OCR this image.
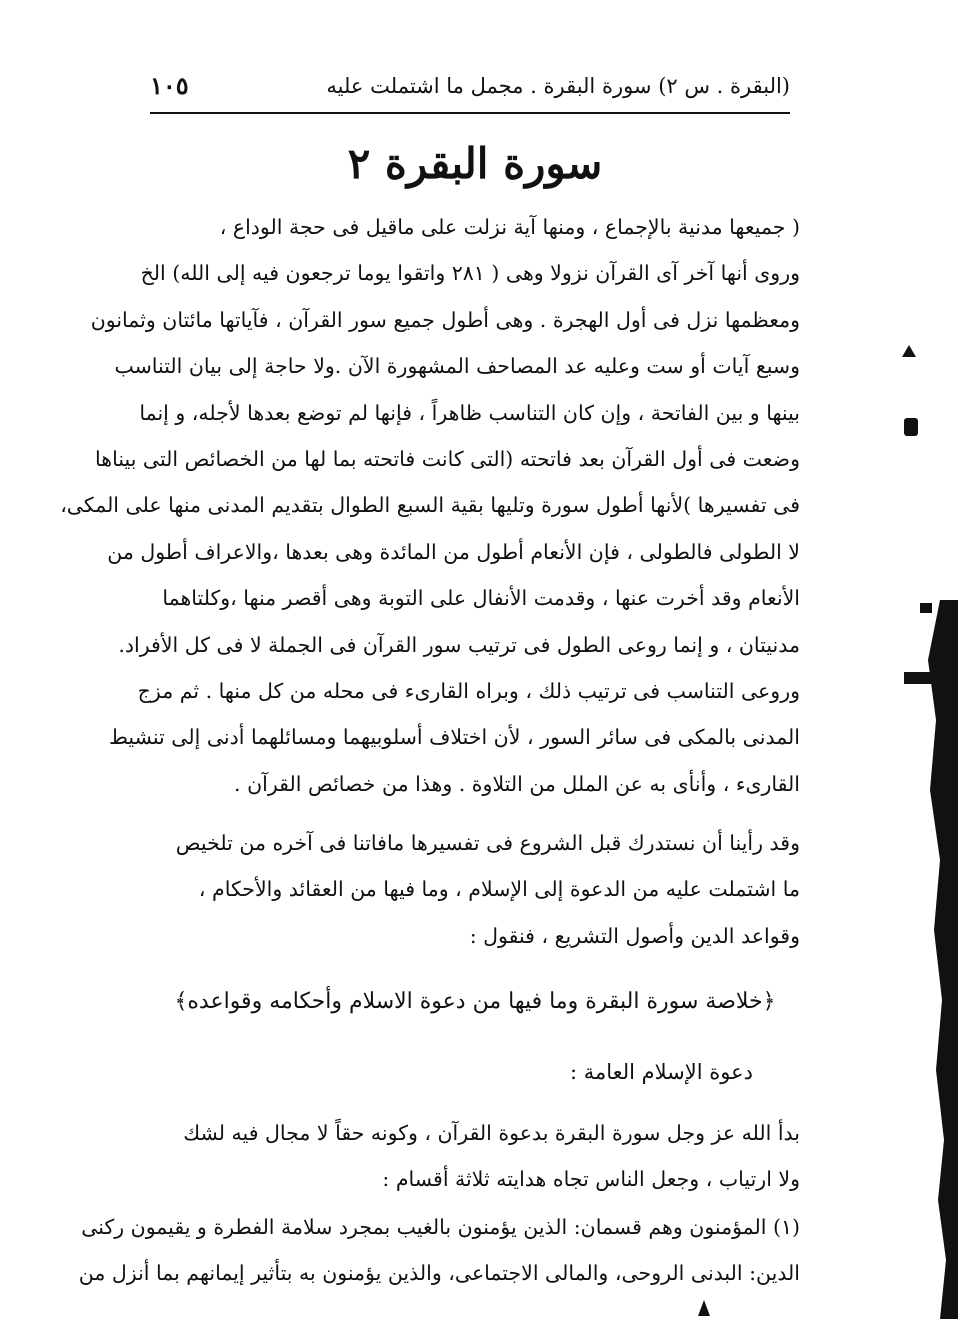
(البقرة . س ٢) سورة البقرة . مجمل ما اشتملت عليه
١٠٥
سورة البقرة ٢

( جميعها مدنية بالإجماع ، ومنها آية نزلت على ماقيل فى حجة الوداع ،
وروى أنها آخر آى القرآن نزولا وهى ( ٢٨١ واتقوا يوما ترجعون فيه إلى الله) الخ
ومعظمها نزل فى أول الهجرة . وهى أطول جميع سور القرآن ، فآياتها مائتان وثمانون
وسبع آيات أو ست وعليه عد المصاحف المشهورة الآن .ولا حاجة إلى بيان التناسب
بينها و بين الفاتحة ، وإن كان التناسب ظاهراً ، فإنها لم توضع بعدها لأجله، و إنما
وضعت فى أول القرآن بعد فاتحته (التى كانت فاتحته بما لها من الخصائص التى بيناها
فى تفسيرها )لأنها أطول سورة وتليها بقية السبع الطوال بتقديم المدنى منها على المكى،
لا الطولى فالطولى ، فإن الأنعام أطول من المائدة وهى بعدها ،والاعراف أطول من
الأنعام وقد أخرت عنها ، وقدمت الأنفال على التوبة وهى أقصر منها ،وكلتاهما
مدنيتان ، و إنما روعى الطول فى ترتيب سور القرآن فى الجملة لا فى كل الأفراد.
وروعى التناسب فى ترتيب ذلك ، وبراه القارىء فى محله من كل منها . ثم مزج
المدنى بالمكى فى سائر السور ، لأن اختلاف أسلوبيهما ومسائلهما أدنى إلى تنشيط
القارىء ، وأنأى به عن الملل من التلاوة . وهذا من خصائص القرآن .

وقد رأينا أن نستدرك قبل الشروع فى تفسيرها مافاتنا فى آخره من تلخيص
ما اشتملت عليه من الدعوة إلى الإسلام ، وما فيها من العقائد والأحكام ،
وقواعد الدين وأصول التشريع ، فنقول :

﴿خلاصة سورة البقرة وما فيها من دعوة الاسلام وأحكامه وقواعده﴾
دعوة الإسلام العامة :

بدأ الله عز وجل سورة البقرة بدعوة القرآن ، وكونه حقاً لا مجال فيه لشك
ولا ارتياب ، وجعل الناس تجاه هدايته ثلاثة أقسام :

(١) المؤمنون وهم قسمان: الذين يؤمنون بالغيب بمجرد سلامة الفطرة و يقيمون ركنى
الدين: البدنى الروحى، والمالى الاجتماعى، والذين يؤمنون به بتأثير إيمانهم بما أنزل من
